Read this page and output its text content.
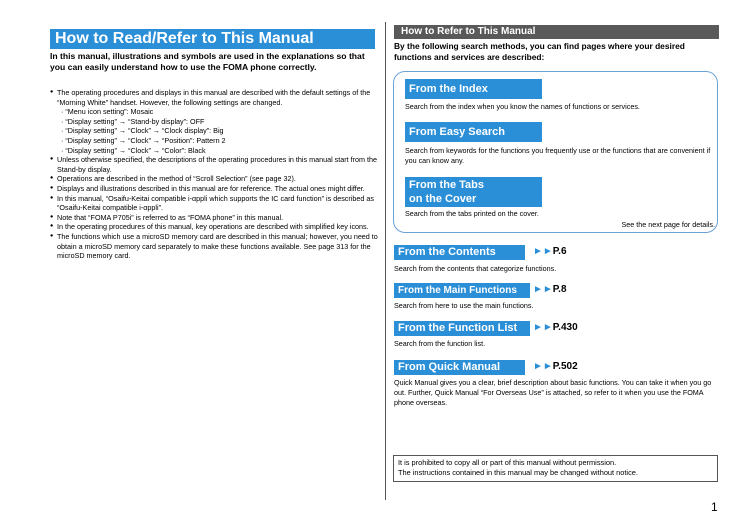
How to Read/Refer to This Manual
In this manual, illustrations and symbols are used in the explanations so that you can easily understand how to use the FOMA phone correctly.
● The operating procedures and displays in this manual are described with the default settings of the “Morning White” handset. However, the following settings are changed.
· “Menu icon setting”: Mosaic
· “Display setting” → “Stand-by display”: OFF
· “Display setting” → “Clock” → “Clock display”: Big
· “Display setting” → “Clock” → “Position”: Pattern 2
· “Display setting” → “Clock” → “Color”: Black
● Unless otherwise specified, the descriptions of the operating procedures in this manual start from the Stand-by display.
● Operations are described in the method of “Scroll Selection” (see page 32).
● Displays and illustrations described in this manual are for reference. The actual ones might differ.
● In this manual, “Osaifu-Keitai compatible i-αppli which supports the IC card function” is described as “Osaifu-Keitai compatible i-αppli”.
● Note that “FOMA P705i” is referred to as “FOMA phone” in this manual.
● In the operating procedures of this manual, key operations are described with simplified key icons.
● The functions which use a microSD memory card are described in this manual; however, you need to obtain a microSD memory card separately to make these functions available. See page 313 for the microSD memory card.
How to Refer to This Manual
By the following search methods, you can find pages where your desired functions and services are described:
From the Index
Search from the index when you know the names of functions or services.
From Easy Search
Search from keywords for the functions you frequently use or the functions that are convenient if you can know any.
From the Tabs
on the Cover
Search from the tabs printed on the cover.
See the next page for details.
From the Contents	►►P.6
Search from the contents that categorize functions.
From the Main Functions	►►P.8
Search from here to use the main functions.
From the Function List	►►P.430
Search from the function list.
From Quick Manual	►►P.502
Quick Manual gives you a clear, brief description about basic functions. You can take it when you go out. Further, Quick Manual “For Overseas Use” is attached, so refer to it when you use the FOMA phone overseas.
It is prohibited to copy all or part of this manual without permission.
The instructions contained in this manual may be changed without notice.
1
